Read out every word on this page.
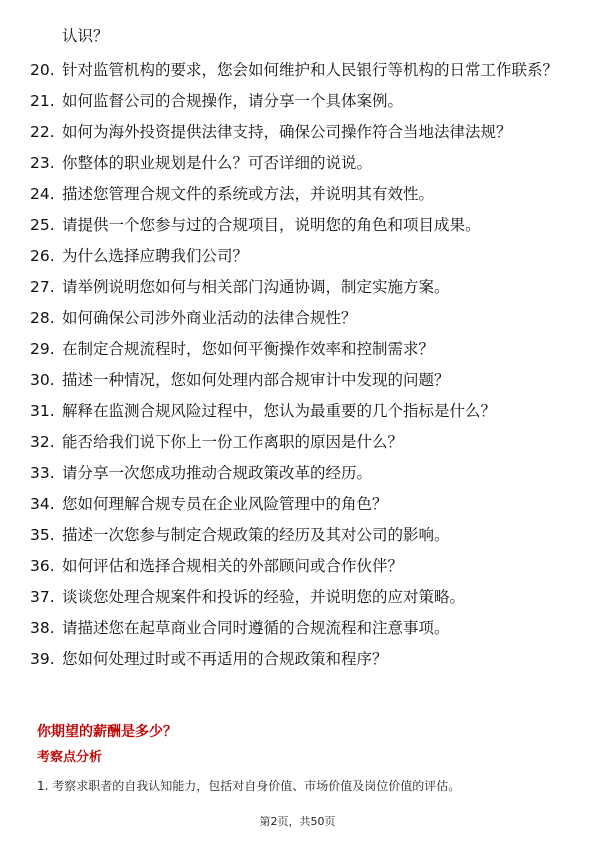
认识？
20. 针对监管机构的要求，您会如何维护和人民银行等机构的日常工作联系？
21. 如何监督公司的合规操作，请分享一个具体案例。
22. 如何为海外投资提供法律支持，确保公司操作符合当地法律法规？
23. 你整体的职业规划是什么？可否详细的说说。
24. 描述您管理合规文件的系统或方法，并说明其有效性。
25. 请提供一个您参与过的合规项目，说明您的角色和项目成果。
26. 为什么选择应聘我们公司？
27. 请举例说明您如何与相关部门沟通协调，制定实施方案。
28. 如何确保公司涉外商业活动的法律合规性？
29. 在制定合规流程时，您如何平衡操作效率和控制需求？
30. 描述一种情况，您如何处理内部合规审计中发现的问题？
31. 解释在监测合规风险过程中，您认为最重要的几个指标是什么？
32. 能否给我们说下你上一份工作离职的原因是什么？
33. 请分享一次您成功推动合规政策改革的经历。
34. 您如何理解合规专员在企业风险管理中的角色？
35. 描述一次您参与制定合规政策的经历及其对公司的影响。
36. 如何评估和选择合规相关的外部顾问或合作伙伴？
37. 谈谈您处理合规案件和投诉的经验，并说明您的应对策略。
38. 请描述您在起草商业合同时遵循的合规流程和注意事项。
39. 您如何处理过时或不再适用的合规政策和程序？
你期望的薪酬是多少？
考察点分析
1. 考察求职者的自我认知能力，包括对自身价值、市场价值及岗位价值的评估。
第2页，共50页
